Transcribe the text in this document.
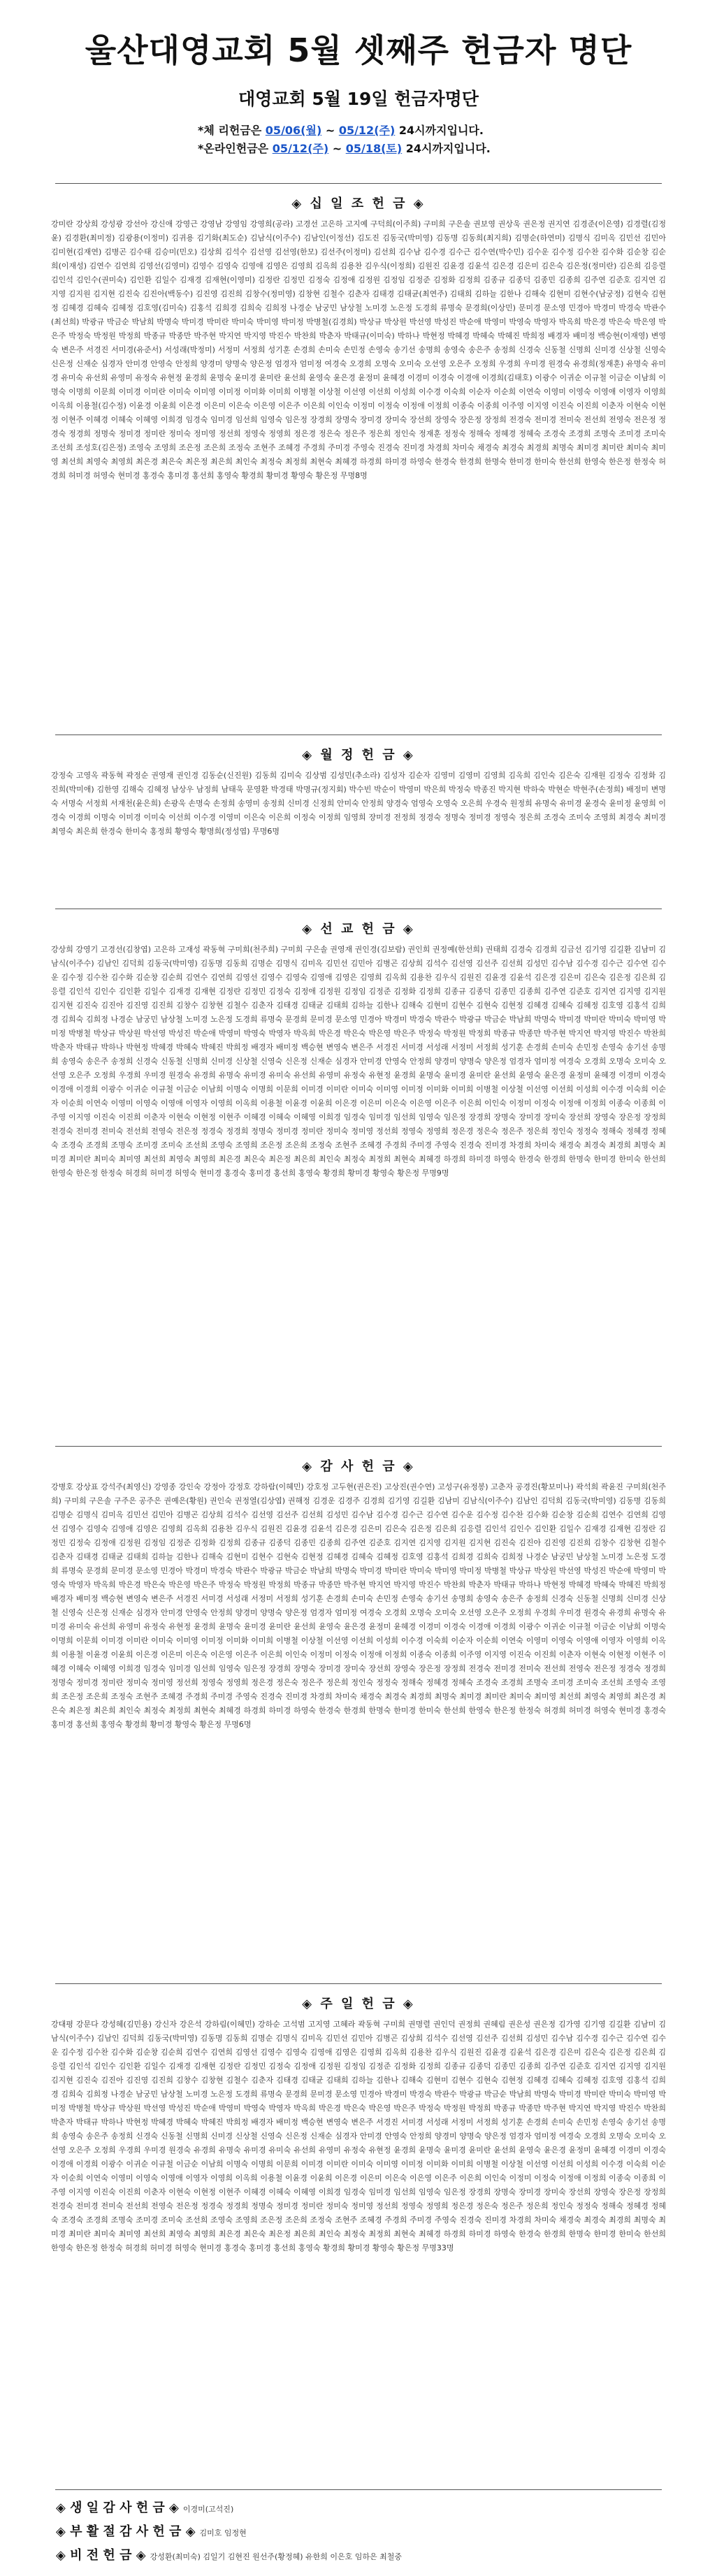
울산대영교회 5월 셋째주 헌금자 명단
대영교회 5월 19일 헌금자명단
*체 리헌금은 05/06(월) ~ 05/12(주) 24시까지입니다.
*온라인헌금은 05/12(주) ~ 05/18(토) 24시까지입니다.
◈ 십 일 조 헌 금 ◈
강미란 강상희 강성광 강선아 강신애 강영근 강영남 강영임 강영희(공라) 고경선 고은하 고지예 구덕희(이주희) 구미희 구은솔 권보영 권상욱 권은정 권지연 김경준(이은영) 김경렬(김정윤) 김경환(최미정) 김광용(이정미) 김귀용 김기화(최도순) 김남식(이주수) 김남인(이정선) 김도진 김동국(박미영) 김동명 김동희(최지희) 김명순(하연미) 김명식 김미옥 김민선 김민아 김미현(김재연) 김병곤 김수태 김승미(민오) 김상희 김석수 김선영 김선영(한모) 김선주(이정미) 김선희 김수남 김수경 김수근 김수연(박수민) 김수운 김수정 김수찬 김수화 김순창 김순희(이재성) 김연수 김연희 김영선(김영미) 김영수 김영숙 김영애 김영은 김영희 김옥희 김용찬 김우식(이정희) 김원진 김윤경 김윤석 김은경 김은미 김은숙 김은정(정미란) 김은희 김응렬 김인석 김인수(권미숙) 김인환 김일수 김재경 김재현(이영미) 김정란 김정민 김정숙 김정애 김정원 김정임 김정준 김정화 김정희 김종규 김종덕 김종민 김종희 김주연 김준호 김지연 김지영 김지원 김지현 김진숙 김진아(백동수) 김진영 김진희 김창수(정미영) 김창현 김철수 김춘자 김태경 김태균(최연주) 김태희 김하늘 김한나 김해숙 김현미 김현수(남궁정) 김현숙 김현정 김혜경 김혜숙 김혜정 김호영(김미숙) 김홍석 김희경 김희숙 김희정 나경순 남궁민 남상철 노미경 노은정 도경희 류명숙 문경희(이상민) 문미경 문소영 민경아 박경미 박경숙 박관수(최선희) 박광규 박금순 박남희 박명숙 박미경 박미란 박미숙 박미영 박미정 박병철(김경희) 박상규 박상원 박선영 박성진 박순애 박영미 박영숙 박영자 박옥희 박은경 박은숙 박은영 박은주 박정숙 박정원 박정희 박종규 박종만 박주현 박지연 박지영 박진수 박찬희 박춘자 박태규(이미숙) 박하나 박현정 박혜경 박혜숙 박혜진 박희정 배경자 배미정 백승현(이재영) 변영숙 변은주 서경진 서미경(유준서) 서성래(박정미) 서정미 서정희 성기훈 손경희 손미숙 손민정 손영숙 송기선 송명희 송영숙 송은주 송정희 신경숙 신동철 신명희 신미경 신상철 신영숙 신은정 신재순 심경자 안미경 안영숙 안정희 양경미 양명숙 양은정 엄경자 엄미정 여경숙 오경희 오명숙 오미숙 오선영 오은주 오정희 우경희 우미경 원경숙 유경희(정재훈) 유명숙 유미경 유미숙 유선희 유영미 유정숙 유현정 윤경희 윤명숙 윤미경 윤미란 윤선희 윤영숙 윤은경 윤정미 윤혜경 이경미 이경숙 이경애 이경희(김태호) 이광수 이귀순 이규철 이금순 이남희 이명숙 이명희 이문희 이미경 이미란 이미숙 이미영 이미정 이미화 이미희 이병철 이상철 이선영 이선희 이성희 이수경 이숙희 이순자 이순희 이연숙 이영미 이영숙 이영애 이영자 이영희 이옥희 이용철(김수정) 이윤경 이윤희 이은경 이은미 이은숙 이은영 이은주 이은희 이인숙 이정미 이정숙 이정애 이정희 이종숙 이종희 이주영 이지영 이진숙 이진희 이춘자 이현숙 이현정 이현주 이혜경 이혜숙 이혜영 이희경 임경숙 임미경 임선희 임영숙 임은정 장경희 장명숙 장미경 장미숙 장선희 장영숙 장은정 장정희 전경숙 전미경 전미숙 전선희 전영숙 전은정 정경숙 정경희 정명숙 정미경 정미란 정미숙 정미영 정선희 정영숙 정영희 정은경 정은숙 정은주 정은희 정인숙 정재훈 정정숙 정해숙 정혜경 정혜숙 조경숙 조경희 조명숙 조미경 조미숙 조선희 조성호(김은정) 조영숙 조영희 조은정 조은희 조정숙 조현주 조혜경 주경희 주미경 주영숙 진경숙 진미경 차경희 차미숙 채경숙 최경숙 최경희 최명숙 최미경 최미란 최미숙 최미영 최선희 최영숙 최영희 최은경 최은숙 최은정 최은희 최인숙 최정숙 최정희 최현숙 최혜경 하경희 하미경 하영숙 한경숙 한경희 한명숙 한미경 한미숙 한선희 한영숙 한은정 한정숙 허경희 허미경 허영숙 현미경 홍경숙 홍미경 홍선희 홍영숙 황경희 황미경 황영숙 황은정 무명8명
◈ 월 정 헌 금 ◈
강정숙 고영옥 곽동혁 곽정순 권영재 권인경 김동순(신진원) 김동희 김미숙 김상범 김성민(추소라) 김성자 김순자 김영미 김영미 김영희 김옥희 김인숙 김은숙 김재원 김정숙 김정화 김진희(박미애) 김한영 김해숙 김혜정 남상우 남정희 남태욱 문영환 박경태 박명규(정지회) 박수빈 박순이 박영미 박은희 박정숙 박종진 박지현 박하숙 박현순 박현주(손정희) 배정미 변명숙 서명숙 서정희 서재천(윤은희) 손광욱 손명숙 손정희 송영미 송정희 신미경 신정희 안미숙 안정희 양경숙 엄영숙 오영숙 오은희 우경숙 원정희 유명숙 유미경 윤경숙 윤미정 윤영희 이경숙 이경희 이명숙 이미경 이미숙 이선희 이수경 이영미 이은숙 이은희 이정숙 이정희 임영희 장미경 전정희 정경숙 정명숙 정미경 정영숙 정은희 조경숙 조미숙 조영희 최경숙 최미경 최영숙 최은희 한경숙 한미숙 홍정희 황영숙 황명희(정성엽) 무명6명
◈ 선 교 헌 금 ◈
강상희 강영기 고경선(김창엽) 고은하 고재성 곽동혁 구미희(천주희) 구미희 구은솔 권영재 권인경(김보람) 권인희 권정예(한선희) 권태희 김경숙 김경희 김금선 김기영 김길환 김남미 김남식(이주수) 김남인 김덕희 김동국(박미영) 김동명 김동희 김명순 김명식 김미옥 김민선 김민아 김병곤 김상희 김석수 김선영 김선주 김선희 김성민 김수남 김수경 김수근 김수연 김수운 김수정 김수찬 김수화 김순창 김순희 김연수 김연희 김영선 김영수 김영숙 김영애 김영은 김영희 김옥희 김용찬 김우식 김원진 김윤경 김윤석 김은경 김은미 김은숙 김은정 김은희 김응렬 김인석 김인수 김인환 김일수 김재경 김재현 김정란 김정민 김정숙 김정애 김정원 김정임 김정준 김정화 김정희 김종규 김종덕 김종민 김종희 김주연 김준호 김지연 김지영 김지원 김지현 김진숙 김진아 김진영 김진희 김창수 김창현 김철수 김춘자 김태경 김태균 김태희 김하늘 김한나 김해숙 김현미 김현수 김현숙 김현정 김혜경 김혜숙 김혜정 김호영 김홍석 김희경 김희숙 김희정 나경순 남궁민 남상철 노미경 노은정 도경희 류명숙 문경희 문미경 문소영 민경아 박경미 박경숙 박관수 박광규 박금순 박남희 박명숙 박미경 박미란 박미숙 박미영 박미정 박병철 박상규 박상원 박선영 박성진 박순애 박영미 박영숙 박영자 박옥희 박은경 박은숙 박은영 박은주 박정숙 박정원 박정희 박종규 박종만 박주현 박지연 박지영 박진수 박찬희 박춘자 박태규 박하나 박현정 박혜경 박혜숙 박혜진 박희정 배경자 배미정 백승현 변영숙 변은주 서경진 서미경 서성래 서정미 서정희 성기훈 손경희 손미숙 손민정 손영숙 송기선 송명희 송영숙 송은주 송정희 신경숙 신동철 신명희 신미경 신상철 신영숙 신은정 신재순 심경자 안미경 안영숙 안정희 양경미 양명숙 양은정 엄경자 엄미정 여경숙 오경희 오명숙 오미숙 오선영 오은주 오정희 우경희 우미경 원경숙 유경희 유명숙 유미경 유미숙 유선희 유영미 유정숙 유현정 윤경희 윤명숙 윤미경 윤미란 윤선희 윤영숙 윤은경 윤정미 윤혜경 이경미 이경숙 이경애 이경희 이광수 이귀순 이규철 이금순 이남희 이명숙 이명희 이문희 이미경 이미란 이미숙 이미영 이미정 이미화 이미희 이병철 이상철 이선영 이선희 이성희 이수경 이숙희 이순자 이순희 이연숙 이영미 이영숙 이영애 이영자 이영희 이옥희 이용철 이윤경 이윤희 이은경 이은미 이은숙 이은영 이은주 이은희 이인숙 이정미 이정숙 이정애 이정희 이종숙 이종희 이주영 이지영 이진숙 이진희 이춘자 이현숙 이현정 이현주 이혜경 이혜숙 이혜영 이희경 임경숙 임미경 임선희 임영숙 임은정 장경희 장명숙 장미경 장미숙 장선희 장영숙 장은정 장정희 전경숙 전미경 전미숙 전선희 전영숙 전은정 정경숙 정경희 정명숙 정미경 정미란 정미숙 정미영 정선희 정영숙 정영희 정은경 정은숙 정은주 정은희 정인숙 정정숙 정해숙 정혜경 정혜숙 조경숙 조경희 조명숙 조미경 조미숙 조선희 조영숙 조영희 조은정 조은희 조정숙 조현주 조혜경 주경희 주미경 주영숙 진경숙 진미경 차경희 차미숙 채경숙 최경숙 최경희 최명숙 최미경 최미란 최미숙 최미영 최선희 최영숙 최영희 최은경 최은숙 최은정 최은희 최인숙 최정숙 최정희 최현숙 최혜경 하경희 하미경 하영숙 한경숙 한경희 한명숙 한미경 한미숙 한선희 한영숙 한은정 한정숙 허경희 허미경 허영숙 현미경 홍경숙 홍미경 홍선희 홍영숙 황경희 황미경 황영숙 황은정 무명9명
◈ 감 사 헌 금 ◈
강병호 강상표 강석주(최영신) 강영종 강인숙 강정아 강정호 강하람(이혜민) 강호정 고두현(권은진) 고상진(권수연) 고성구(유정봉) 고춘자 공경진(황보미나) 곽석희 곽윤진 구미희(천주희) 구미희 구은솔 구주은 공주은 권예은(황원) 권인숙 권정열(김상엽) 권해정 김경운 김경주 김경희 김기영 김길환 김남미 김남식(이주수) 김남인 김덕희 김동국(박미영) 김동명 김동희 김명순 김명식 김미옥 김민선 김민아 김병곤 김상희 김석수 김선영 김선주 김선희 김성민 김수남 김수경 김수근 김수연 김수운 김수정 김수찬 김수화 김순창 김순희 김연수 김연희 김영선 김영수 김영숙 김영애 김영은 김영희 김옥희 김용찬 김우식 김원진 김윤경 김윤석 김은경 김은미 김은숙 김은정 김은희 김응렬 김인석 김인수 김인환 김일수 김재경 김재현 김정란 김정민 김정숙 김정애 김정원 김정임 김정준 김정화 김정희 김종규 김종덕 김종민 김종희 김주연 김준호 김지연 김지영 김지원 김지현 김진숙 김진아 김진영 김진희 김창수 김창현 김철수 김춘자 김태경 김태균 김태희 김하늘 김한나 김해숙 김현미 김현수 김현숙 김현정 김혜경 김혜숙 김혜정 김호영 김홍석 김희경 김희숙 김희정 나경순 남궁민 남상철 노미경 노은정 도경희 류명숙 문경희 문미경 문소영 민경아 박경미 박경숙 박관수 박광규 박금순 박남희 박명숙 박미경 박미란 박미숙 박미영 박미정 박병철 박상규 박상원 박선영 박성진 박순애 박영미 박영숙 박영자 박옥희 박은경 박은숙 박은영 박은주 박정숙 박정원 박정희 박종규 박종만 박주현 박지연 박지영 박진수 박찬희 박춘자 박태규 박하나 박현정 박혜경 박혜숙 박혜진 박희정 배경자 배미정 백승현 변영숙 변은주 서경진 서미경 서성래 서정미 서정희 성기훈 손경희 손미숙 손민정 손영숙 송기선 송명희 송영숙 송은주 송정희 신경숙 신동철 신명희 신미경 신상철 신영숙 신은정 신재순 심경자 안미경 안영숙 안정희 양경미 양명숙 양은정 엄경자 엄미정 여경숙 오경희 오명숙 오미숙 오선영 오은주 오정희 우경희 우미경 원경숙 유경희 유명숙 유미경 유미숙 유선희 유영미 유정숙 유현정 윤경희 윤명숙 윤미경 윤미란 윤선희 윤영숙 윤은경 윤정미 윤혜경 이경미 이경숙 이경애 이경희 이광수 이귀순 이규철 이금순 이남희 이명숙 이명희 이문희 이미경 이미란 이미숙 이미영 이미정 이미화 이미희 이병철 이상철 이선영 이선희 이성희 이수경 이숙희 이순자 이순희 이연숙 이영미 이영숙 이영애 이영자 이영희 이옥희 이용철 이윤경 이윤희 이은경 이은미 이은숙 이은영 이은주 이은희 이인숙 이정미 이정숙 이정애 이정희 이종숙 이종희 이주영 이지영 이진숙 이진희 이춘자 이현숙 이현정 이현주 이혜경 이혜숙 이혜영 이희경 임경숙 임미경 임선희 임영숙 임은정 장경희 장명숙 장미경 장미숙 장선희 장영숙 장은정 장정희 전경숙 전미경 전미숙 전선희 전영숙 전은정 정경숙 정경희 정명숙 정미경 정미란 정미숙 정미영 정선희 정영숙 정영희 정은경 정은숙 정은주 정은희 정인숙 정정숙 정해숙 정혜경 정혜숙 조경숙 조경희 조명숙 조미경 조미숙 조선희 조영숙 조영희 조은정 조은희 조정숙 조현주 조혜경 주경희 주미경 주영숙 진경숙 진미경 차경희 차미숙 채경숙 최경숙 최경희 최명숙 최미경 최미란 최미숙 최미영 최선희 최영숙 최영희 최은경 최은숙 최은정 최은희 최인숙 최정숙 최정희 최현숙 최혜경 하경희 하미경 하영숙 한경숙 한경희 한명숙 한미경 한미숙 한선희 한영숙 한은정 한정숙 허경희 허미경 허영숙 현미경 홍경숙 홍미경 홍선희 홍영숙 황경희 황미경 황영숙 황은정 무명6명
◈ 주 일 헌 금 ◈
강대평 강문다 강성혜(김민용) 강신자 강은석 강하림(이혜민) 강하순 고석범 고지영 고혜라 곽동혁 구미희 권명렬 권인덕 권정희 권혜림 권은성 권은정 김가영 김기영 김길환 김남미 김남식(이주수) 김남인 김덕희 김동국(박미영) 김동명 김동희 김명순 김명식 김미옥 김민선 김민아 김병곤 김상희 김석수 김선영 김선주 김선희 김성민 김수남 김수경 김수근 김수연 김수운 김수정 김수찬 김수화 김순창 김순희 김연수 김연희 김영선 김영수 김영숙 김영애 김영은 김영희 김옥희 김용찬 김우식 김원진 김윤경 김윤석 김은경 김은미 김은숙 김은정 김은희 김응렬 김인석 김인수 김인환 김일수 김재경 김재현 김정란 김정민 김정숙 김정애 김정원 김정임 김정준 김정화 김정희 김종규 김종덕 김종민 김종희 김주연 김준호 김지연 김지영 김지원 김지현 김진숙 김진아 김진영 김진희 김창수 김창현 김철수 김춘자 김태경 김태균 김태희 김하늘 김한나 김해숙 김현미 김현수 김현숙 김현정 김혜경 김혜숙 김혜정 김호영 김홍석 김희경 김희숙 김희정 나경순 남궁민 남상철 노미경 노은정 도경희 류명숙 문경희 문미경 문소영 민경아 박경미 박경숙 박관수 박광규 박금순 박남희 박명숙 박미경 박미란 박미숙 박미영 박미정 박병철 박상규 박상원 박선영 박성진 박순애 박영미 박영숙 박영자 박옥희 박은경 박은숙 박은영 박은주 박정숙 박정원 박정희 박종규 박종만 박주현 박지연 박지영 박진수 박찬희 박춘자 박태규 박하나 박현정 박혜경 박혜숙 박혜진 박희정 배경자 배미정 백승현 변영숙 변은주 서경진 서미경 서성래 서정미 서정희 성기훈 손경희 손미숙 손민정 손영숙 송기선 송명희 송영숙 송은주 송정희 신경숙 신동철 신명희 신미경 신상철 신영숙 신은정 신재순 심경자 안미경 안영숙 안정희 양경미 양명숙 양은정 엄경자 엄미정 여경숙 오경희 오명숙 오미숙 오선영 오은주 오정희 우경희 우미경 원경숙 유경희 유명숙 유미경 유미숙 유선희 유영미 유정숙 유현정 윤경희 윤명숙 윤미경 윤미란 윤선희 윤영숙 윤은경 윤정미 윤혜경 이경미 이경숙 이경애 이경희 이광수 이귀순 이규철 이금순 이남희 이명숙 이명희 이문희 이미경 이미란 이미숙 이미영 이미정 이미화 이미희 이병철 이상철 이선영 이선희 이성희 이수경 이숙희 이순자 이순희 이연숙 이영미 이영숙 이영애 이영자 이영희 이옥희 이용철 이윤경 이윤희 이은경 이은미 이은숙 이은영 이은주 이은희 이인숙 이정미 이정숙 이정애 이정희 이종숙 이종희 이주영 이지영 이진숙 이진희 이춘자 이현숙 이현정 이현주 이혜경 이혜숙 이혜영 이희경 임경숙 임미경 임선희 임영숙 임은정 장경희 장명숙 장미경 장미숙 장선희 장영숙 장은정 장정희 전경숙 전미경 전미숙 전선희 전영숙 전은정 정경숙 정경희 정명숙 정미경 정미란 정미숙 정미영 정선희 정영숙 정영희 정은경 정은숙 정은주 정은희 정인숙 정정숙 정해숙 정혜경 정혜숙 조경숙 조경희 조명숙 조미경 조미숙 조선희 조영숙 조영희 조은정 조은희 조정숙 조현주 조혜경 주경희 주미경 주영숙 진경숙 진미경 차경희 차미숙 채경숙 최경숙 최경희 최명숙 최미경 최미란 최미숙 최미영 최선희 최영숙 최영희 최은경 최은숙 최은정 최은희 최인숙 최정숙 최정희 최현숙 최혜경 하경희 하미경 하영숙 한경숙 한경희 한명숙 한미경 한미숙 한선희 한영숙 한은정 한정숙 허경희 허미경 허영숙 현미경 홍경숙 홍미경 홍선희 홍영숙 황경희 황미경 황영숙 황은정 무명33명
◈ 생 일 감 사 헌 금 ◈ 이경미(고석진)
◈ 부 활 절 감 사 헌 금 ◈ 김미호 임정현
◈ 비 전 헌 금 ◈ 강성환(최미숙) 김일기 김현진 원선주(황정혜) 유한희 이은호 임하은 최철중
